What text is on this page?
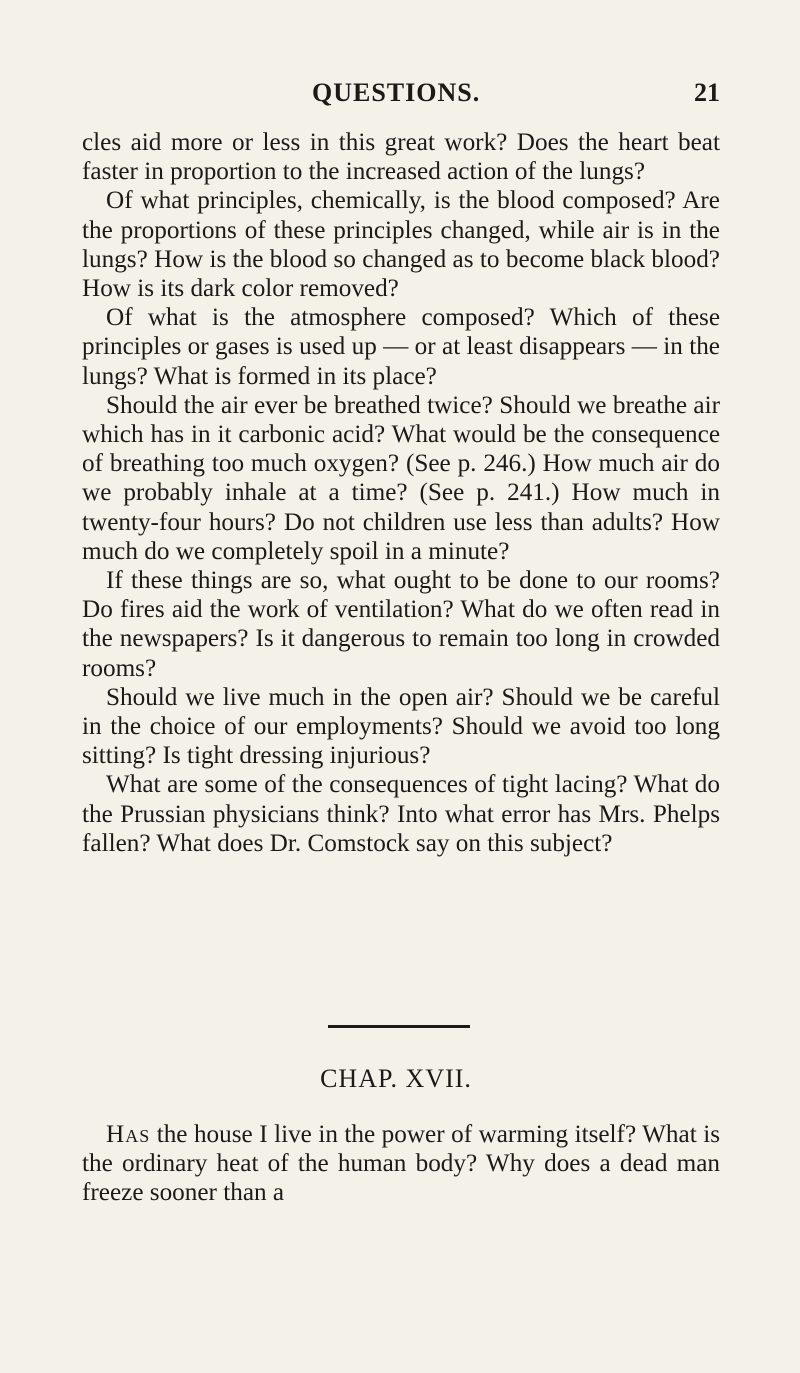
QUESTIONS.	21

cles aid more or less in this great work? Does the heart beat faster in proportion to the increased action of the lungs?

Of what principles, chemically, is the blood composed? Are the proportions of these principles changed, while air is in the lungs? How is the blood so changed as to become black blood? How is its dark color removed?

Of what is the atmosphere composed? Which of these principles or gases is used up — or at least disappears — in the lungs? What is formed in its place?

Should the air ever be breathed twice? Should we breathe air which has in it carbonic acid? What would be the consequence of breathing too much oxygen? (See p. 246.) How much air do we probably inhale at a time? (See p. 241.) How much in twenty-four hours? Do not children use less than adults? How much do we completely spoil in a minute?

If these things are so, what ought to be done to our rooms? Do fires aid the work of ventilation? What do we often read in the newspapers? Is it dangerous to remain too long in crowded rooms?

Should we live much in the open air? Should we be careful in the choice of our employments? Should we avoid too long sitting? Is tight dressing injurious?

What are some of the consequences of tight lacing? What do the Prussian physicians think? Into what error has Mrs. Phelps fallen? What does Dr. Comstock say on this subject?

CHAP. XVII.

Has the house I live in the power of warming itself? What is the ordinary heat of the human body? Why does a dead man freeze sooner than a
